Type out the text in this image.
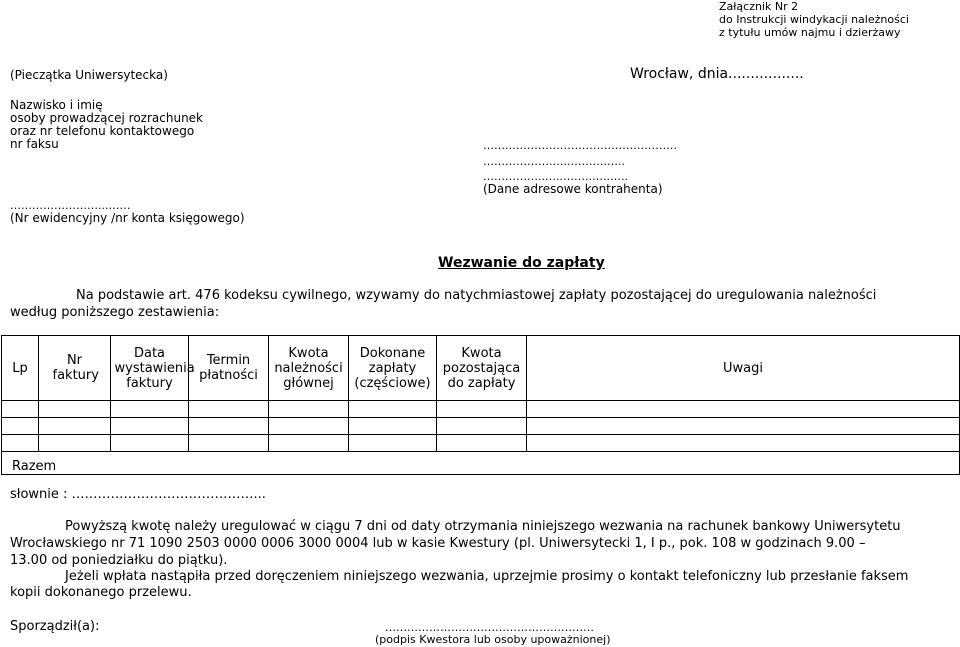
Załącznik Nr 2
do Instrukcji windykacji należności
z tytułu umów najmu i dzierżawy
(Pieczątka Uniwersytecka)	Wrocław, dnia.................
Nazwisko i imię
osoby prowadzącej rozrachunek
oraz nr telefonu kontaktowego
nr faksu	…….……………………………………….
……………….…..……….…..
……………..…..……..…..…..
(Dane adresowe kontrahenta)
……………………...……
(Nr ewidencyjny /nr konta księgowego)
Wezwanie do zapłaty
Na podstawie art. 476 kodeksu cywilnego, wzywamy do natychmiastowej zapłaty pozostającej do uregulowania należności
według poniższego zestawienia:
Lp	Nr faktury	Data wystawienia faktury	Termin płatności	Kwota należności głównej	Dokonane zapłaty (częściowe)	Kwota pozostająca do zapłaty	Uwagi

Razem							
słownie : ……………………………………...
Powyższą kwotę należy uregulować w ciągu 7 dni od daty otrzymania niniejszego wezwania na rachunek bankowy Uniwersytetu
Wrocławskiego nr 71 1090 2503 0000 0006 3000 0004 lub w kasie Kwestury (pl. Uniwersytecki 1, I p., pok. 108 w godzinach 9.00 –
13.00 od poniedziałku do piątku).
Jeżeli wpłata nastąpiła przed doręczeniem niniejszego wezwania, uprzejmie prosimy o kontakt telefoniczny lub przesłanie faksem
kopii dokonanego przelewu.
Sporządził(a):	…………………………………………………
(podpis Kwestora lub osoby upoważnionej)
